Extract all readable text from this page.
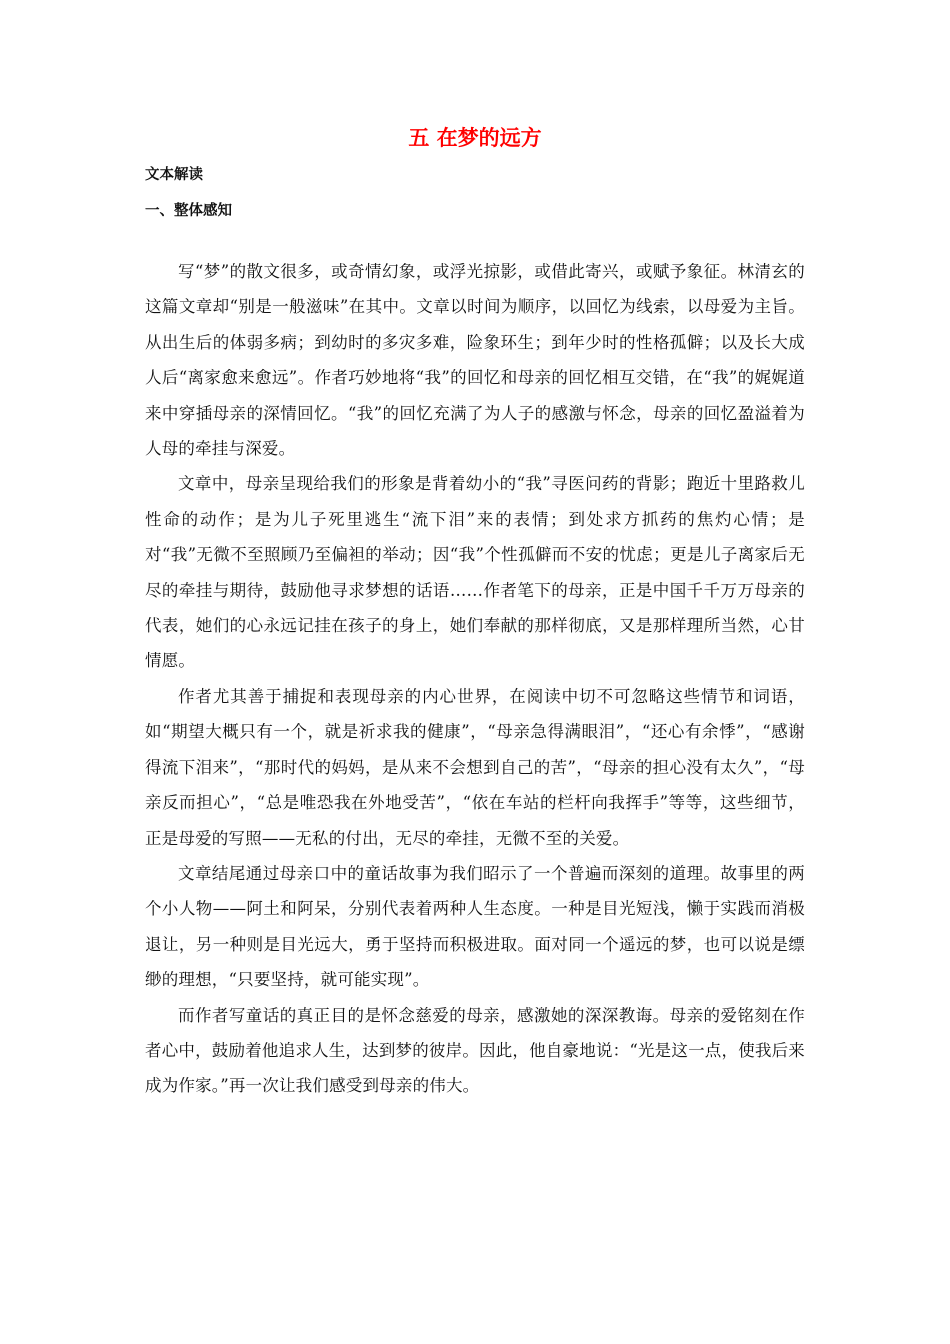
五 在梦的远方
文本解读
一、整体感知

写“梦”的散文很多，或奇情幻象，或浮光掠影，或借此寄兴，或赋予象征。林清玄的这篇文章却“别是一般滋味”在其中。文章以时间为顺序，以回忆为线索，以母爱为主旨。从出生后的体弱多病；到幼时的多灾多难，险象环生；到年少时的性格孤僻；以及长大成人后“离家愈来愈远”。作者巧妙地将“我”的回忆和母亲的回忆相互交错，在“我”的娓娓道来中穿插母亲的深情回忆。“我”的回忆充满了为人子的感激与怀念，母亲的回忆盈溢着为人母的牵挂与深爱。

文章中，母亲呈现给我们的形象是背着幼小的“我”寻医问药的背影；跑近十里路救儿性命的动作；是为儿子死里逃生“流下泪”来的表情；到处求方抓药的焦灼心情；是对“我”无微不至照顾乃至偏袒的举动；因“我”个性孤僻而不安的忧虑；更是儿子离家后无尽的牵挂与期待，鼓励他寻求梦想的话语……作者笔下的母亲，正是中国千千万万母亲的代表，她们的心永远记挂在孩子的身上，她们奉献的那样彻底，又是那样理所当然，心甘情愿。

作者尤其善于捕捉和表现母亲的内心世界，在阅读中切不可忽略这些情节和词语，如“期望大概只有一个，就是祈求我的健康”，“母亲急得满眼泪”，“还心有余悸”，“感谢得流下泪来”，“那时代的妈妈，是从来不会想到自己的苦”，“母亲的担心没有太久”，“母亲反而担心”，“总是唯恐我在外地受苦”，“依在车站的栏杆向我挥手”等等，这些细节，正是母爱的写照——无私的付出，无尽的牵挂，无微不至的关爱。

文章结尾通过母亲口中的童话故事为我们昭示了一个普遍而深刻的道理。故事里的两个小人物——阿土和阿呆，分别代表着两种人生态度。一种是目光短浅，懒于实践而消极退让，另一种则是目光远大，勇于坚持而积极进取。面对同一个遥远的梦，也可以说是缥缈的理想，“只要坚持，就可能实现”。

而作者写童话的真正目的是怀念慈爱的母亲，感激她的深深教诲。母亲的爱铭刻在作者心中，鼓励着他追求人生，达到梦的彼岸。因此，他自豪地说：“光是这一点，使我后来成为作家。”再一次让我们感受到母亲的伟大。
